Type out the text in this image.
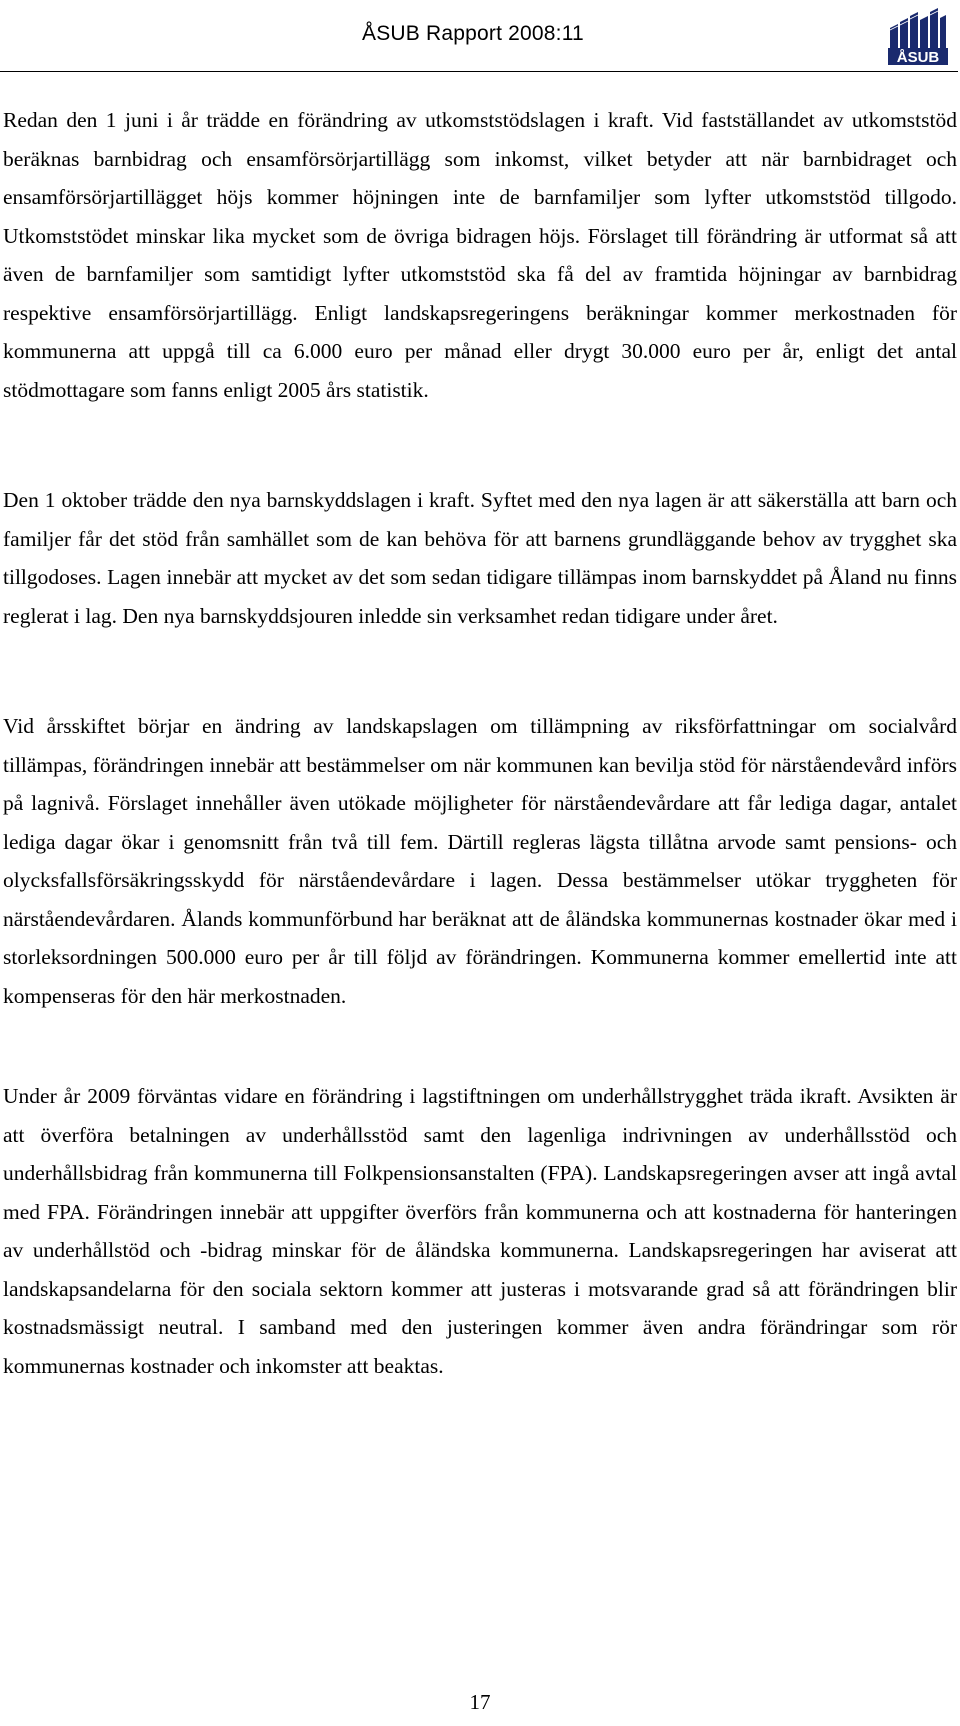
ÅSUB Rapport 2008:11
ÅSUB

Redan den 1 juni i år trädde en förändring av utkomststödslagen i kraft. Vid fastställandet av utkomststöd beräknas barnbidrag och ensamförsörjartillägg som inkomst, vilket betyder att när barnbidraget och ensamförsörjartillägget höjs kommer höjningen inte de barnfamiljer som lyfter utkomststöd tillgodo. Utkomststödet minskar lika mycket som de övriga bidragen höjs. Förslaget till förändring är utformat så att även de barnfamiljer som samtidigt lyfter utkomststöd ska få del av framtida höjningar av barnbidrag respektive ensamförsörjartillägg. Enligt landskapsregeringens beräkningar kommer merkostnaden för kommunerna att uppgå till ca 6.000 euro per månad eller drygt 30.000 euro per år, enligt det antal stödmottagare som fanns enligt 2005 års statistik.

Den 1 oktober trädde den nya barnskyddslagen i kraft. Syftet med den nya lagen är att säkerställa att barn och familjer får det stöd från samhället som de kan behöva för att barnens grundläggande behov av trygghet ska tillgodoses. Lagen innebär att mycket av det som sedan tidigare tillämpas inom barnskyddet på Åland nu finns reglerat i lag. Den nya barnskyddsjouren inledde sin verksamhet redan tidigare under året.

Vid årsskiftet börjar en ändring av landskapslagen om tillämpning av riksförfattningar om socialvård tillämpas, förändringen innebär att bestämmelser om när kommunen kan bevilja stöd för närståendevård införs på lagnivå. Förslaget innehåller även utökade möjligheter för närståendevårdare att får lediga dagar, antalet lediga dagar ökar i genomsnitt från två till fem. Därtill regleras lägsta tillåtna arvode samt pensions- och olycksfallsförsäkringsskydd för närståendevårdare i lagen. Dessa bestämmelser utökar tryggheten för närståendevårdaren. Ålands kommunförbund har beräknat att de åländska kommunernas kostnader ökar med i storleksordningen 500.000 euro per år till följd av förändringen. Kommunerna kommer emellertid inte att kompenseras för den här merkostnaden.

Under år 2009 förväntas vidare en förändring i lagstiftningen om underhållstrygghet träda ikraft. Avsikten är att överföra betalningen av underhållsstöd samt den lagenliga indrivningen av underhållsstöd och underhållsbidrag från kommunerna till Folkpensionsanstalten (FPA). Landskapsregeringen avser att ingå avtal med FPA. Förändringen innebär att uppgifter överförs från kommunerna och att kostnaderna för hanteringen av underhållstöd och -bidrag minskar för de åländska kommunerna. Landskapsregeringen har aviserat att landskapsandelarna för den sociala sektorn kommer att justeras i motsvarande grad så att förändringen blir kostnadsmässigt neutral. I samband med den justeringen kommer även andra förändringar som rör kommunernas kostnader och inkomster att beaktas.

17
